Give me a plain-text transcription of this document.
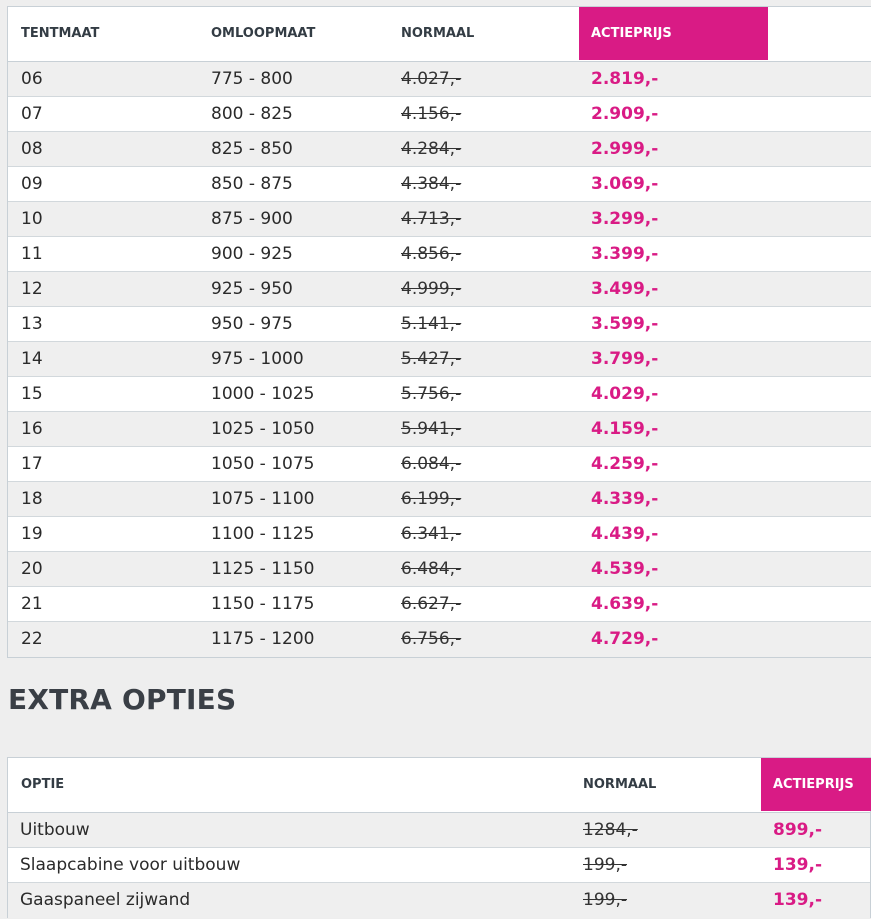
TENTMAAT	OMLOOPMAAT	NORMAAL	ACTIEPRIJS
06	775 - 800	4.027,-	2.819,-
07	800 - 825	4.156,-	2.909,-
08	825 - 850	4.284,-	2.999,-
09	850 - 875	4.384,-	3.069,-
10	875 - 900	4.713,-	3.299,-
11	900 - 925	4.856,-	3.399,-
12	925 - 950	4.999,-	3.499,-
13	950 - 975	5.141,-	3.599,-
14	975 - 1000	5.427,-	3.799,-
15	1000 - 1025	5.756,-	4.029,-
16	1025 - 1050	5.941,-	4.159,-
17	1050 - 1075	6.084,-	4.259,-
18	1075 - 1100	6.199,-	4.339,-
19	1100 - 1125	6.341,-	4.439,-
20	1125 - 1150	6.484,-	4.539,-
21	1150 - 1175	6.627,-	4.639,-
22	1175 - 1200	6.756,-	4.729,-
EXTRA OPTIES
OPTIE	NORMAAL	ACTIEPRIJS
Uitbouw	1284,-	899,-
Slaapcabine voor uitbouw	199,-	139,-
Gaaspaneel zijwand	199,-	139,-
